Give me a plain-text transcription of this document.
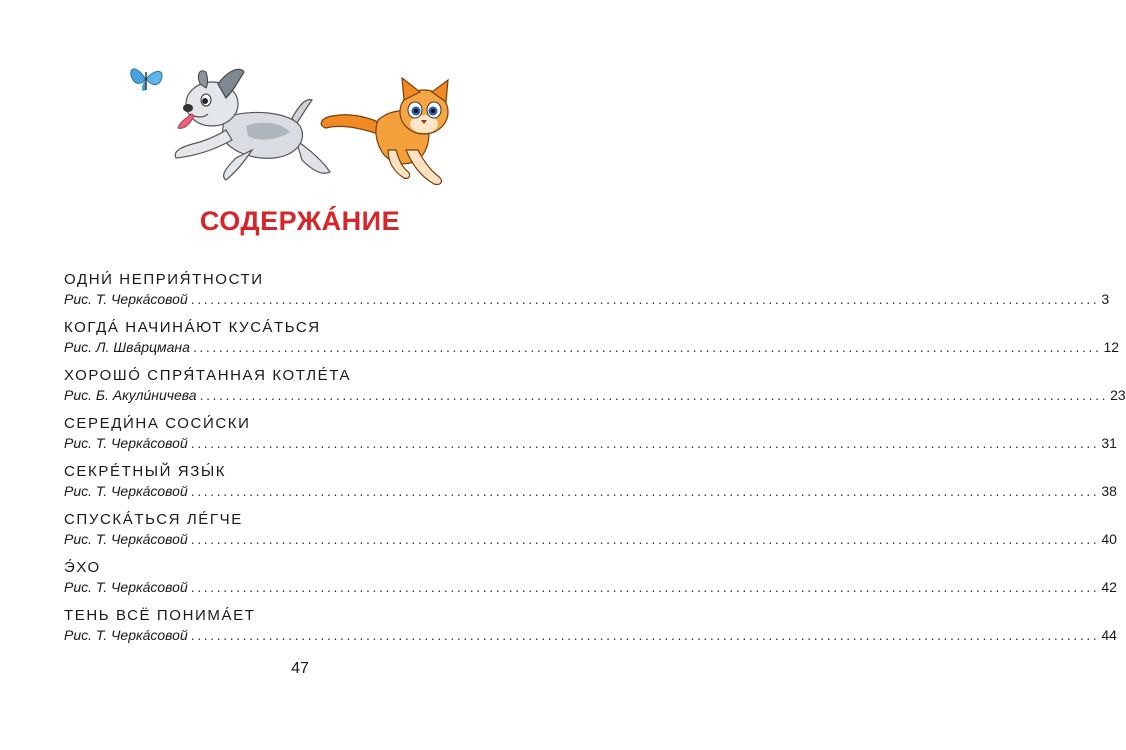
СОДЕРЖÁНИЕ
ОДНИ́ НЕПРИЯ́ТНОСТИ
Рис. Т. Черкáсовой ............................................................................................................................................ 3
КОГДА́ НАЧИНА́ЮТ КУСА́ТЬСЯ
Рис. Л. Швáрцмана ............................................................................................................................................ 12
ХОРОШО́ СПРЯ́ТАННАЯ КОТЛЕ́ТА
Рис. Б. Акули́ничева ............................................................................................................................................ 23
СЕРЕДИ́НА СОСИ́СКИ
Рис. Т. Черкáсовой ............................................................................................................................................ 31
СЕКРЕ́ТНЫЙ ЯЗЫ́К
Рис. Т. Черкáсовой ............................................................................................................................................ 38
СПУСКА́ТЬСЯ ЛЕ́ГЧЕ
Рис. Т. Черкáсовой ............................................................................................................................................ 40
Э́ХО
Рис. Т. Черкáсовой ............................................................................................................................................ 42
ТЕНЬ ВСЁ ПОНИМА́ЕТ
Рис. Т. Черкáсовой ............................................................................................................................................ 44
47
